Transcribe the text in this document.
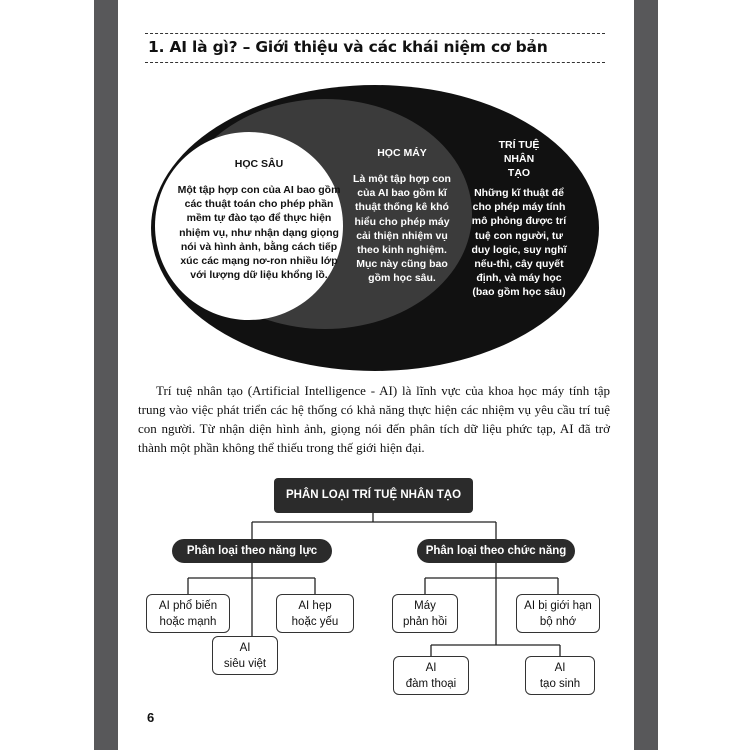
1. AI là gì? – Giới thiệu và các khái niệm cơ bản
HỌC SÂU
Một tập hợp con của AI bao gồm các thuật toán cho phép phần mềm tự đào tạo để thực hiện nhiệm vụ, như nhận dạng giọng nói và hình ảnh, bằng cách tiếp xúc các mạng nơ-ron nhiều lớp với lượng dữ liệu khổng lồ.
HỌC MÁY
Là một tập hợp con của AI bao gồm kĩ thuật thống kê khó hiểu cho phép máy cải thiện nhiệm vụ theo kinh nghiệm. Mục này cũng bao gồm học sâu.
TRÍ TUỆ NHÂN TẠO
Những kĩ thuật để cho phép máy tính mô phỏng được trí tuệ con người, tư duy logic, suy nghĩ nếu-thì, cây quyết định, và máy học (bao gồm học sâu)

Trí tuệ nhân tạo (Artificial Intelligence - AI) là lĩnh vực của khoa học máy tính tập trung vào việc phát triển các hệ thống có khả năng thực hiện các nhiệm vụ yêu cầu trí tuệ con người. Từ nhận diện hình ảnh, giọng nói đến phân tích dữ liệu phức tạp, AI đã trở thành một phần không thể thiếu trong thế giới hiện đại.

PHÂN LOẠI TRÍ TUỆ NHÂN TẠO
Phân loại theo năng lực	Phân loại theo chức năng
AI phổ biến
hoặc mạnh
AI hẹp
hoặc yếu
AI
siêu việt
Máy
phản hồi
AI bị giới hạn
bộ nhớ
AI
đàm thoại
AI
tạo sinh
6
